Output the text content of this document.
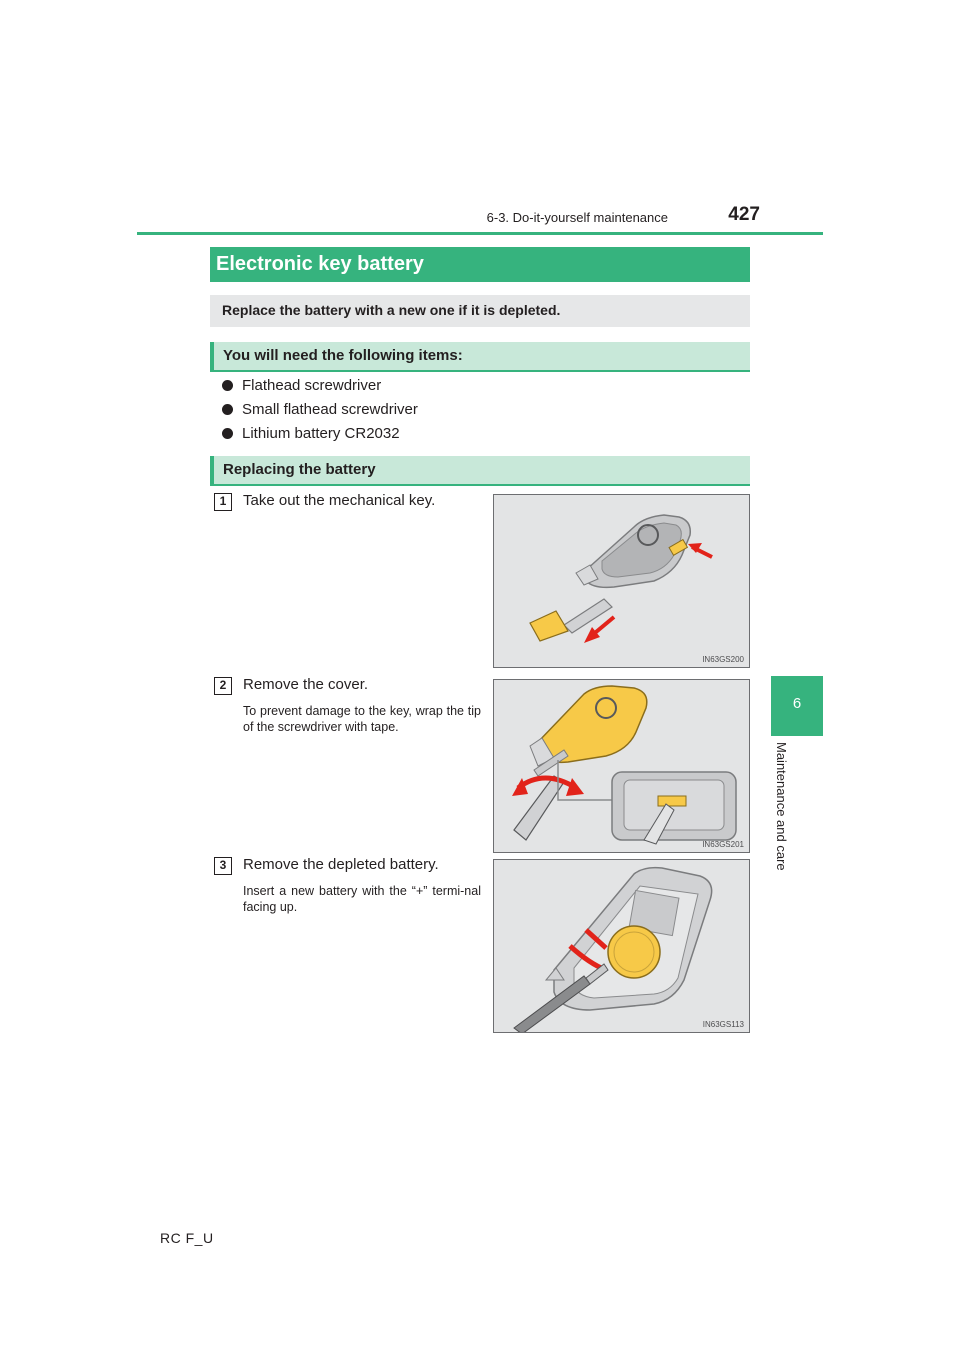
6-3. Do-it-yourself maintenance	427
6
Maintenance and care
Electronic key battery
Replace the battery with a new one if it is depleted.
You will need the following items:
Flathead screwdriver
Small flathead screwdriver
Lithium battery CR2032
Replacing the battery
1	Take out the mechanical key.
IN63GS200
2	Remove the cover.
To prevent damage to the key, wrap the tip of the screwdriver with tape.
IN63GS201
3	Remove the depleted battery.
Insert a new battery with the “+” termi-nal facing up.
IN63GS113
RC F_U
